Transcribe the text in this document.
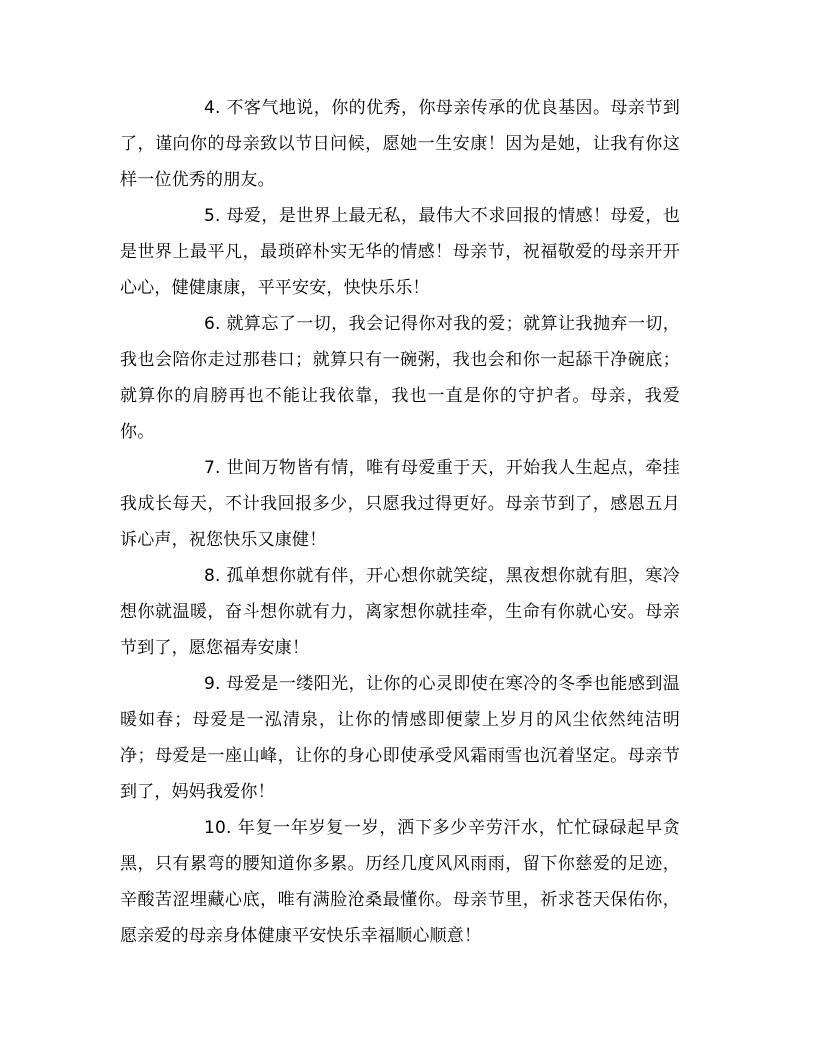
4. 不客气地说，你的优秀，你母亲传承的优良基因。母亲节到了，谨向你的母亲致以节日问候，愿她一生安康！因为是她，让我有你这样一位优秀的朋友。

5. 母爱，是世界上最无私，最伟大不求回报的情感！母爱，也是世界上最平凡，最琐碎朴实无华的情感！母亲节，祝福敬爱的母亲开开心心，健健康康，平平安安，快快乐乐！

6. 就算忘了一切，我会记得你对我的爱；就算让我抛弃一切，我也会陪你走过那巷口；就算只有一碗粥，我也会和你一起舔干净碗底；就算你的肩膀再也不能让我依靠，我也一直是你的守护者。母亲，我爱你。

7. 世间万物皆有情，唯有母爱重于天，开始我人生起点，牵挂我成长每天，不计我回报多少，只愿我过得更好。母亲节到了，感恩五月诉心声，祝您快乐又康健！

8. 孤单想你就有伴，开心想你就笑绽，黑夜想你就有胆，寒冷想你就温暖，奋斗想你就有力，离家想你就挂牵，生命有你就心安。母亲节到了，愿您福寿安康！

9. 母爱是一缕阳光，让你的心灵即使在寒冷的冬季也能感到温暖如春；母爱是一泓清泉，让你的情感即便蒙上岁月的风尘依然纯洁明净；母爱是一座山峰，让你的身心即使承受风霜雨雪也沉着坚定。母亲节到了，妈妈我爱你！

10. 年复一年岁复一岁，洒下多少辛劳汗水，忙忙碌碌起早贪黑，只有累弯的腰知道你多累。历经几度风风雨雨，留下你慈爱的足迹，辛酸苦涩埋藏心底，唯有满脸沧桑最懂你。母亲节里，祈求苍天保佑你，愿亲爱的母亲身体健康平安快乐幸福顺心顺意！
